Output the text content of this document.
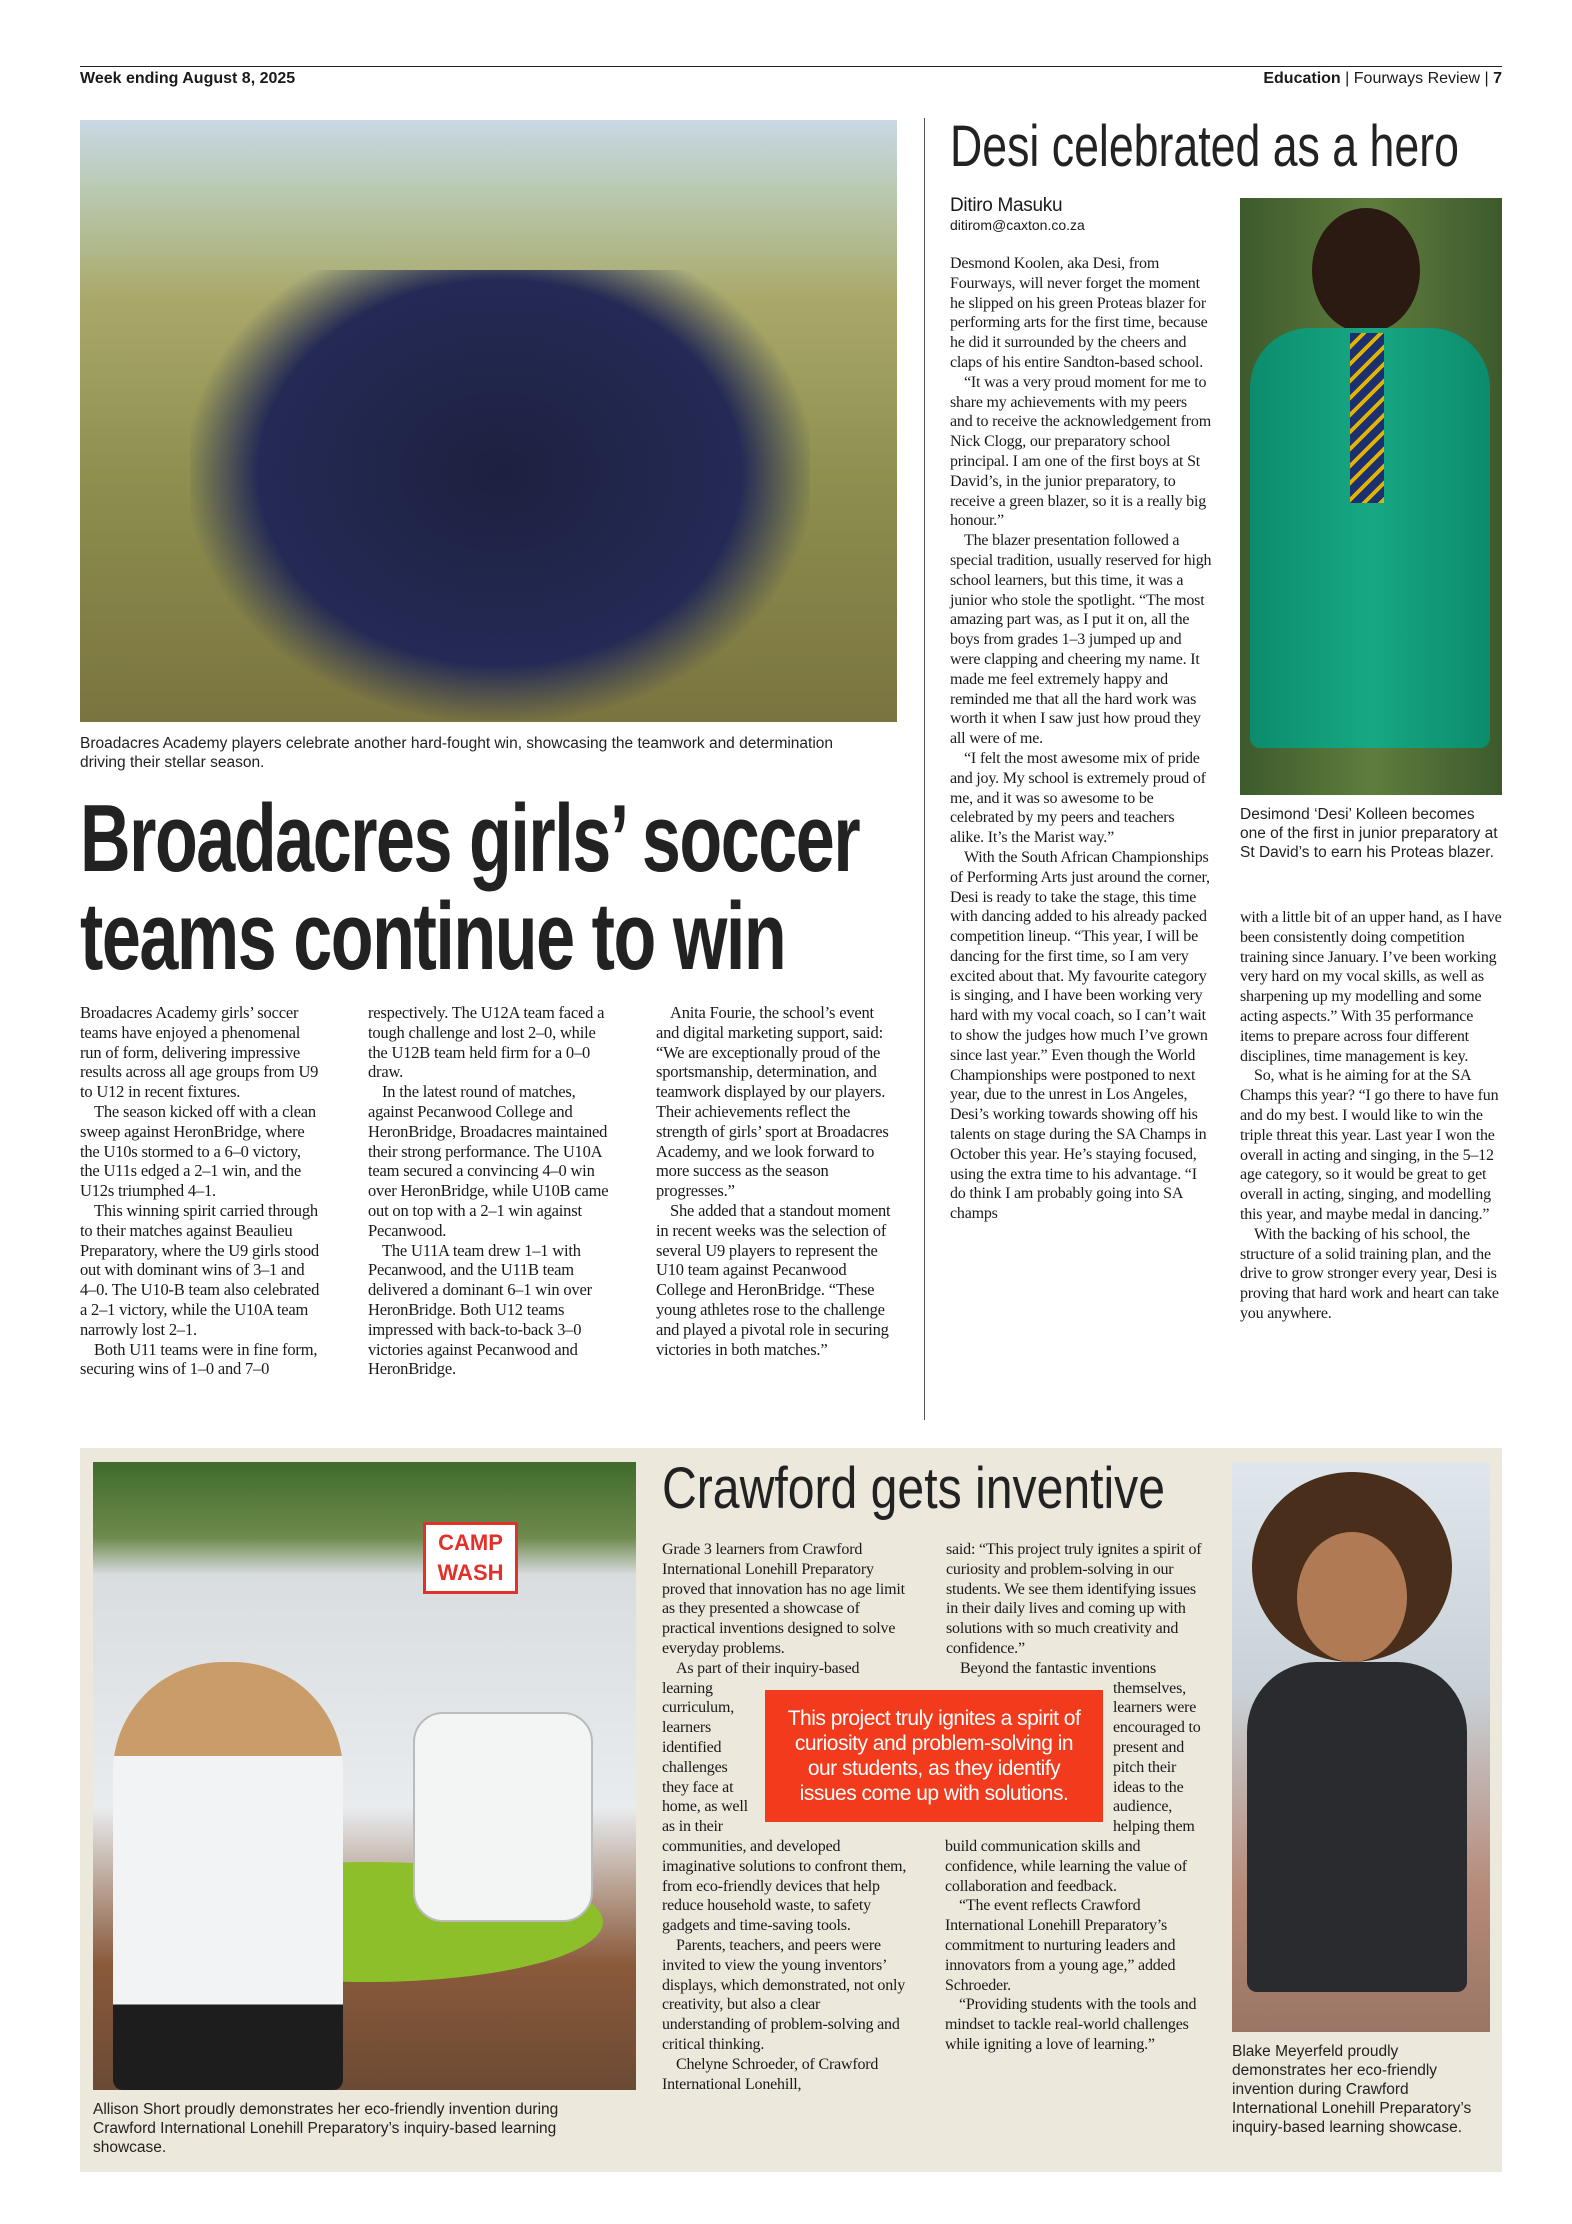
Week ending August 8, 2025	Education | Fourways Review | 7
Broadacres Academy players celebrate another hard-fought win, showcasing the teamwork and determination driving their stellar season.
Broadacres girls’ soccer
teams continue to win

Broadacres Academy girls’ soccer teams have enjoyed a phenomenal run of form, delivering impressive results across all age groups from U9 to U12 in recent fixtures.

The season kicked off with a clean sweep against HeronBridge, where the U10s stormed to a 6–0 victory, the U11s edged a 2–1 win, and the U12s triumphed 4–1.

This winning spirit carried through to their matches against Beaulieu Preparatory, where the U9 girls stood out with dominant wins of 3–1 and 4–0. The U10-B team also celebrated a 2–1 victory, while the U10A team narrowly lost 2–1.

Both U11 teams were in fine form, securing wins of 1–0 and 7–0 respectively. The U12A team faced a tough challenge and lost 2–0, while the U12B team held firm for a 0–0 draw.

In the latest round of matches, against Pecanwood College and HeronBridge, Broadacres maintained their strong performance. The U10A team secured a convincing 4–0 win over HeronBridge, while U10B came out on top with a 2–1 win against Pecanwood.

The U11A team drew 1–1 with Pecanwood, and the U11B team delivered a dominant 6–1 win over HeronBridge. Both U12 teams impressed with back-to-back 3–0 victories against Pecanwood and HeronBridge.

Anita Fourie, the school’s event and digital marketing support, said: “We are exceptionally proud of the sportsmanship, determination, and teamwork displayed by our players. Their achievements reflect the strength of girls’ sport at Broadacres Academy, and we look forward to more success as the season progresses.”

She added that a standout moment in recent weeks was the selection of several U9 players to represent the U10 team against Pecanwood College and HeronBridge. “These young athletes rose to the challenge and played a pivotal role in securing victories in both matches.”

Desi celebrated as a hero
Ditiro Masuku
ditirom@caxton.co.za

Desmond Koolen, aka Desi, from Fourways, will never forget the moment he slipped on his green Proteas blazer for performing arts for the first time, because he did it surrounded by the cheers and claps of his entire Sandton-based school.

“It was a very proud moment for me to share my achievements with my peers and to receive the acknowledgement from Nick Clogg, our preparatory school principal. I am one of the first boys at St David’s, in the junior preparatory, to receive a green blazer, so it is a really big honour.”

The blazer presentation followed a special tradition, usually reserved for high school learners, but this time, it was a junior who stole the spotlight. “The most amazing part was, as I put it on, all the boys from grades 1–3 jumped up and were clapping and cheering my name. It made me feel extremely happy and reminded me that all the hard work was worth it when I saw just how proud they all were of me.

“I felt the most awesome mix of pride and joy. My school is extremely proud of me, and it was so awesome to be celebrated by my peers and teachers alike. It’s the Marist way.”

With the South African Championships of Performing Arts just around the corner, Desi is ready to take the stage, this time with dancing added to his already packed competition lineup. “This year, I will be dancing for the first time, so I am very excited about that. My favourite category is singing, and I have been working very hard with my vocal coach, so I can’t wait to show the judges how much I’ve grown since last year.” Even though the World Championships were postponed to next year, due to the unrest in Los Angeles, Desi’s working towards showing off his talents on stage during the SA Champs in October this year. He’s staying focused, using the extra time to his advantage. “I do think I am probably going into SA champs

Desimond ‘Desi’ Kolleen becomes one of the first in junior preparatory at St David’s to earn his Proteas blazer.

with a little bit of an upper hand, as I have been consistently doing competition training since January. I’ve been working very hard on my vocal skills, as well as sharpening up my modelling and some acting aspects.” With 35 performance items to prepare across four different disciplines, time management is key.

So, what is he aiming for at the SA Champs this year? “I go there to have fun and do my best. I would like to win the triple threat this year. Last year I won the overall in acting and singing, in the 5–12 age category, so it would be great to get overall in acting, singing, and modelling this year, and maybe medal in dancing.”

With the backing of his school, the structure of a solid training plan, and the drive to grow stronger every year, Desi is proving that hard work and heart can take you anywhere.

CAMP WASH
Allison Short proudly demonstrates her eco-friendly invention during Crawford International Lonehill Preparatory’s inquiry-based learning showcase.
Crawford gets inventive

Grade 3 learners from Crawford International Lonehill Preparatory proved that innovation has no age limit as they presented a showcase of practical inventions designed to solve everyday problems.

As part of their inquiry-based learning curriculum, learners identified challenges they face at home, as well as in their communities, and developed imaginative solutions to confront them, from eco-friendly devices that help reduce household waste, to safety gadgets and time-saving tools.

Parents, teachers, and peers were invited to view the young inventors’ displays, which demonstrated, not only creativity, but also a clear understanding of problem-solving and critical thinking.

Chelyne Schroeder, of Crawford International Lonehill,

said: “This project truly ignites a spirit of curiosity and problem-solving in our students. We see them identifying issues in their daily lives and coming up with solutions with so much creativity and confidence.”

Beyond the fantastic inventions themselves, learners were encouraged to present and pitch their ideas to the audience, helping them build communication skills and confidence, while learning the value of collaboration and feedback.

“The event reflects Crawford International Lonehill Preparatory’s commitment to nurturing leaders and innovators from a young age,” added Schroeder.

“Providing students with the tools and mindset to tackle real-world challenges while igniting a love of learning.”

This project truly ignites a spirit of curiosity and problem-solving in our students, as they identify issues come up with solutions.
Blake Meyerfeld proudly demonstrates her eco-friendly invention during Crawford International Lonehill Preparatory’s inquiry-based learning showcase.
